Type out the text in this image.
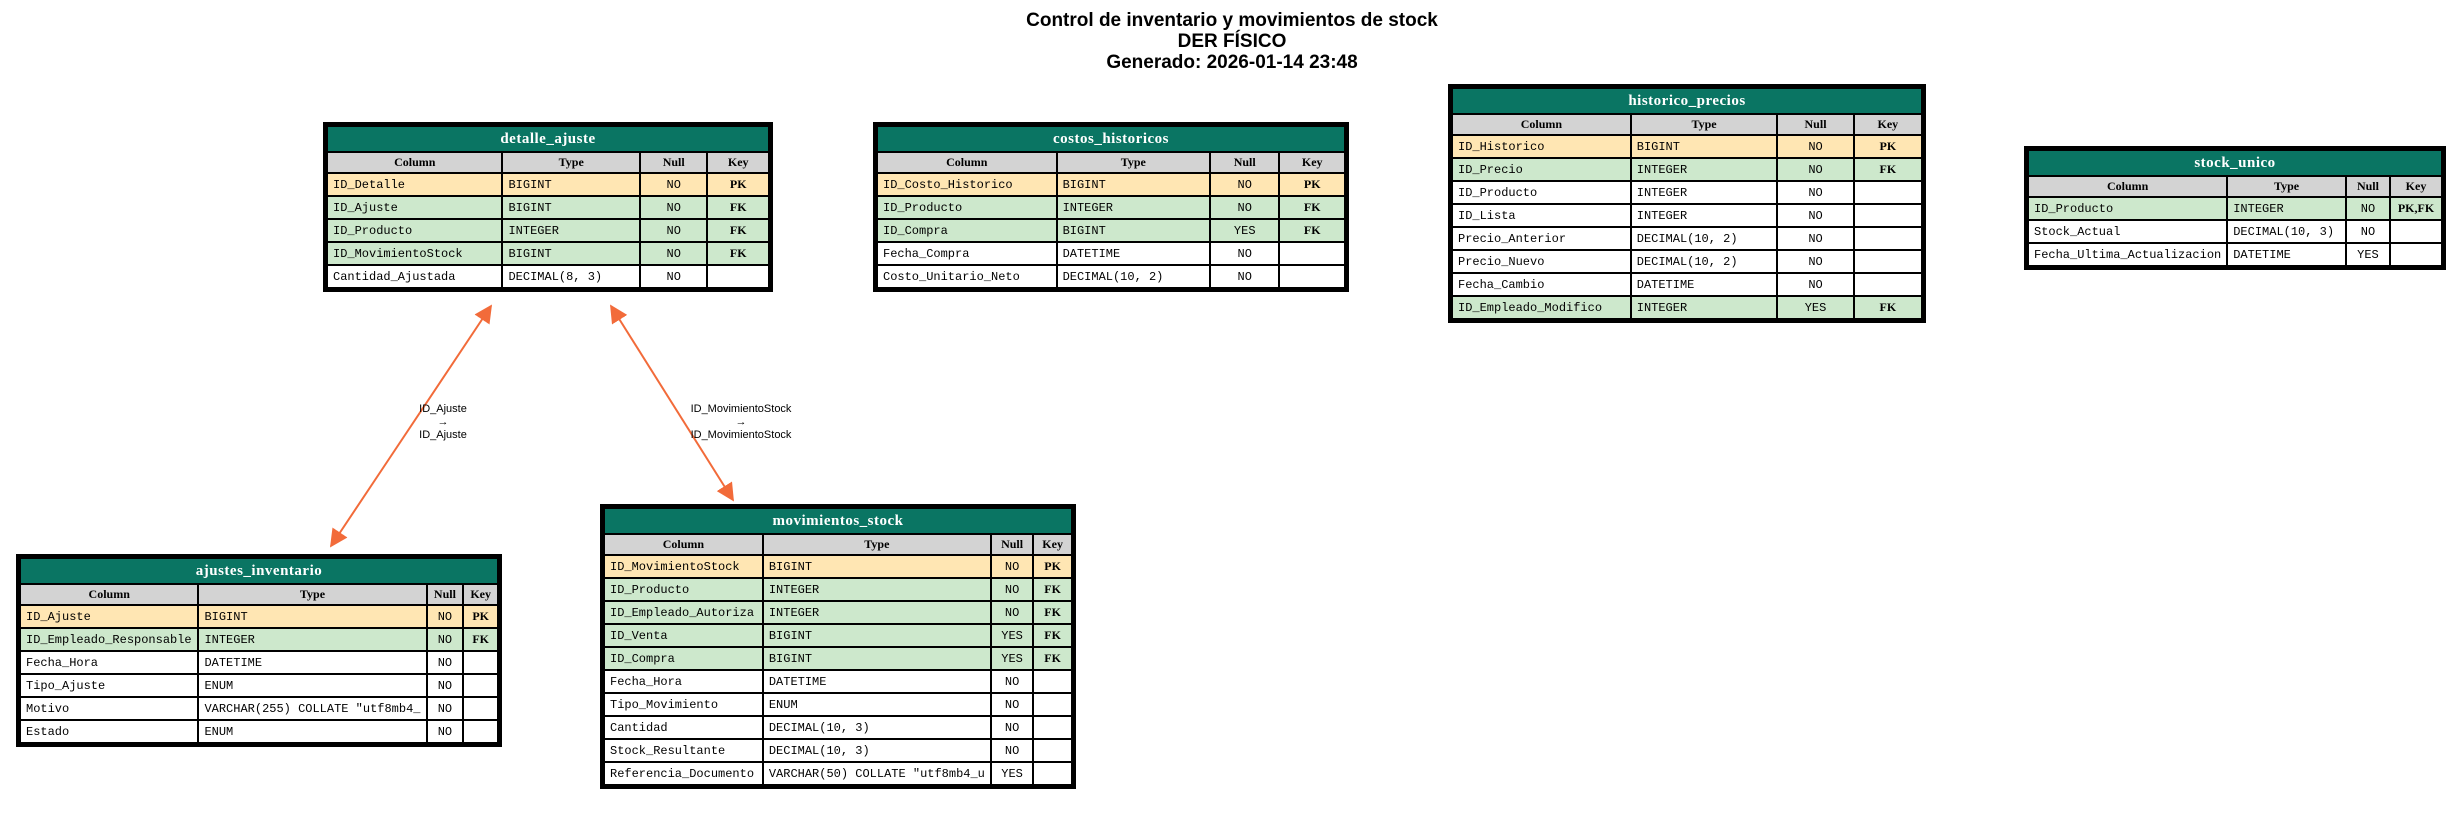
Control de inventario y movimientos de stock
DER FÍSICO
Generado: 2026-01-14 23:48
ID_Ajuste
→
ID_Ajuste
ID_MovimientoStock
→
ID_MovimientoStock
detalle_ajuste			
Column	Type	Null	Key
ID_Detalle	BIGINT	NO	PK
ID_Ajuste	BIGINT	NO	FK
ID_Producto	INTEGER	NO	FK
ID_MovimientoStock	BIGINT	NO	FK
Cantidad_Ajustada	DECIMAL(8, 3)	NO	
costos_historicos			
Column	Type	Null	Key
ID_Costo_Historico	BIGINT	NO	PK
ID_Producto	INTEGER	NO	FK
ID_Compra	BIGINT	YES	FK
Fecha_Compra	DATETIME	NO	
Costo_Unitario_Neto	DECIMAL(10, 2)	NO	
historico_precios			
Column	Type	Null	Key
ID_Historico	BIGINT	NO	PK
ID_Precio	INTEGER	NO	FK
ID_Producto	INTEGER	NO	
ID_Lista	INTEGER	NO	
Precio_Anterior	DECIMAL(10, 2)	NO	
Precio_Nuevo	DECIMAL(10, 2)	NO	
Fecha_Cambio	DATETIME	NO	
ID_Empleado_Modifico	INTEGER	YES	FK
stock_unico			
Column	Type	Null	Key
ID_Producto	INTEGER	NO	PK,FK
Stock_Actual	DECIMAL(10, 3)	NO	
Fecha_Ultima_Actualizacion	DATETIME	YES	
ajustes_inventario			
Column	Type	Null	Key
ID_Ajuste	BIGINT	NO	PK
ID_Empleado_Responsable	INTEGER	NO	FK
Fecha_Hora	DATETIME	NO	
Tipo_Ajuste	ENUM	NO	
Motivo	VARCHAR(255) COLLATE "utf8mb4_	NO	
Estado	ENUM	NO	
movimientos_stock			
Column	Type	Null	Key
ID_MovimientoStock	BIGINT	NO	PK
ID_Producto	INTEGER	NO	FK
ID_Empleado_Autoriza	INTEGER	NO	FK
ID_Venta	BIGINT	YES	FK
ID_Compra	BIGINT	YES	FK
Fecha_Hora	DATETIME	NO	
Tipo_Movimiento	ENUM	NO	
Cantidad	DECIMAL(10, 3)	NO	
Stock_Resultante	DECIMAL(10, 3)	NO	
Referencia_Documento	VARCHAR(50) COLLATE "utf8mb4_u	YES	
